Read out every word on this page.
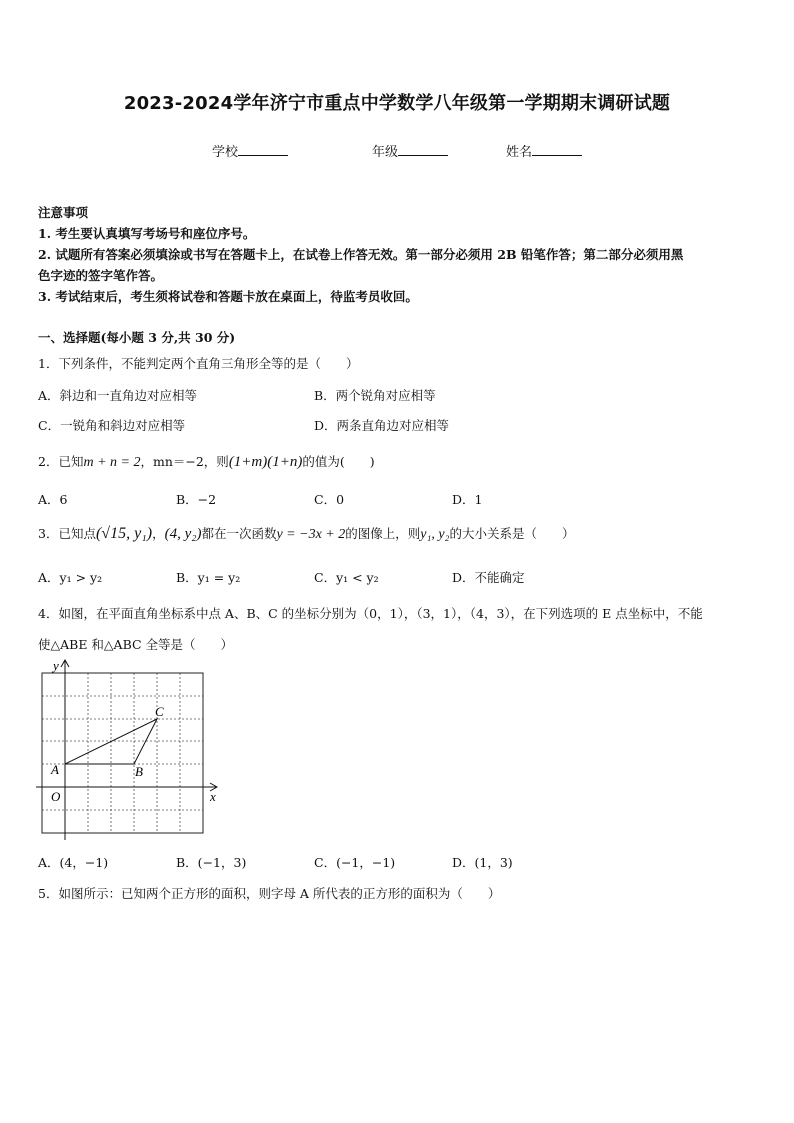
2023-2024学年济宁市重点中学数学八年级第一学期期末调研试题
学校	年级	姓名
注意事项
1. 考生要认真填写考场号和座位序号。
2. 试题所有答案必须填涂或书写在答题卡上，在试卷上作答无效。第一部分必须用 2B 铅笔作答；第二部分必须用黑
色字迹的签字笔作答。
3. 考试结束后，考生须将试卷和答题卡放在桌面上，待监考员收回。
一、选择题(每小题 3 分,共 30 分)
1．下列条件，不能判定两个直角三角形全等的是（　　）
A．斜边和一直角边对应相等	B．两个锐角对应相等
C．一锐角和斜边对应相等	D．两条直角边对应相等
2．已知m + n = 2，mn＝−2，则(1+m)(1+n)的值为(　　)
A．6	B．−2	C．0	D．1
3．已知点(√15, y₁)，(4, y₂)都在一次函数y = −3x + 2的图像上，则y₁, y₂的大小关系是（　　）
A．y₁ > y₂	B．y₁ = y₂	C．y₁ < y₂	D．不能确定
4．如图，在平面直角坐标系中点 A、B、C 的坐标分别为（0，1），（3，1），（4，3），在下列选项的 E 点坐标中，不能
使△ABE 和△ABC 全等是（　　）
y
x
O
A	B
C
A．(4，−1)	B．(−1，3)	C．(−1，−1)	D．(1，3)
5．如图所示：已知两个正方形的面积，则字母 A 所代表的正方形的面积为（　　）
